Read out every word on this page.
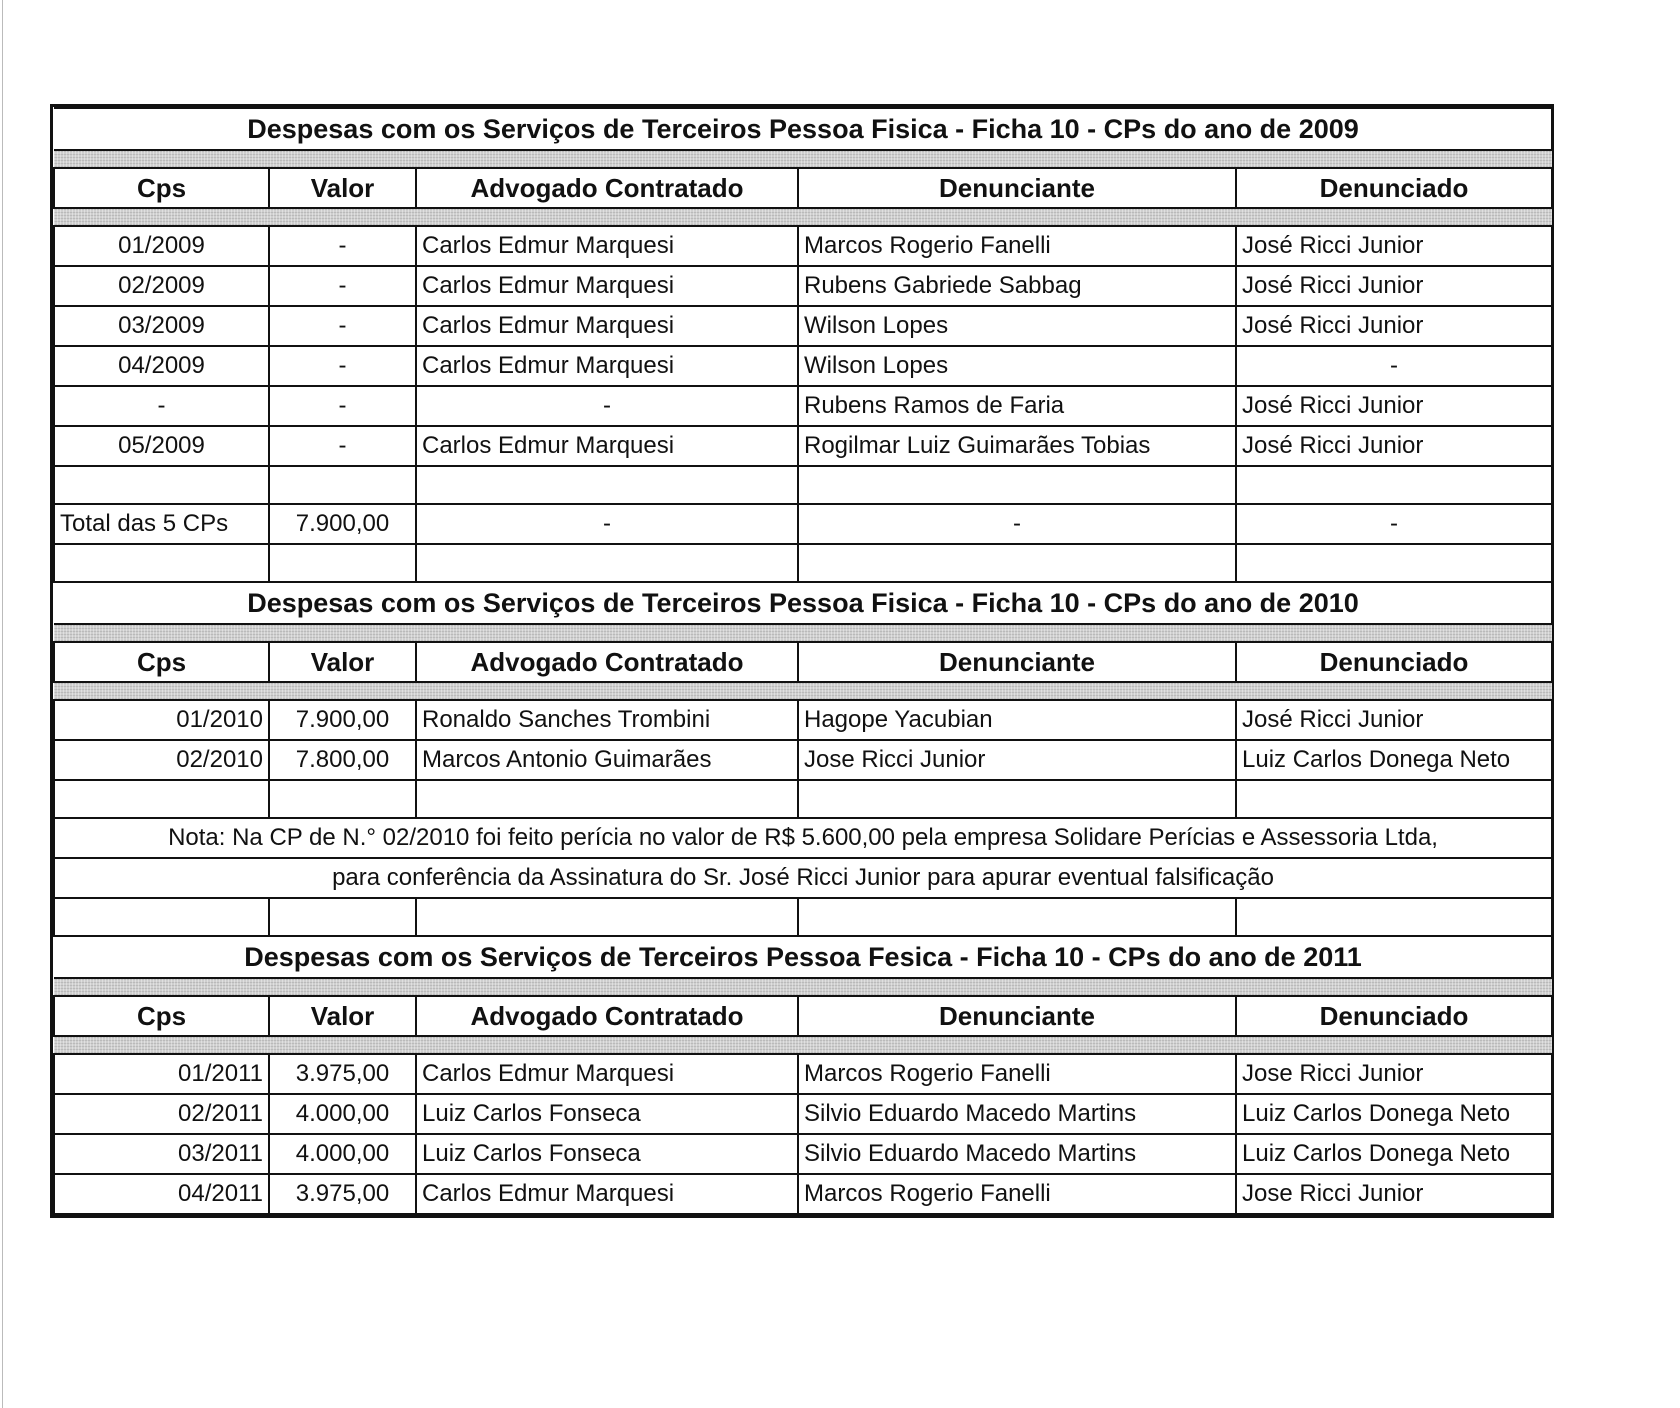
Despesas com os Serviços de Terceiros Pessoa Fisica - Ficha 10 - CPs do ano de 2009				

Cps	Valor	Advogado Contratado	Denunciante	Denunciado

01/2009	-	Carlos Edmur Marquesi	Marcos Rogerio Fanelli	José Ricci Junior
02/2009	-	Carlos Edmur Marquesi	Rubens Gabriede Sabbag	José Ricci Junior
03/2009	-	Carlos Edmur Marquesi	Wilson Lopes	José Ricci Junior
04/2009	-	Carlos Edmur Marquesi	Wilson Lopes	-
-	-	-	Rubens Ramos de Faria	José Ricci Junior
05/2009	-	Carlos Edmur Marquesi	Rogilmar Luiz Guimarães Tobias	José Ricci Junior

Total das 5 CPs	7.900,00	-	-	-

Despesas com os Serviços de Terceiros Pessoa Fisica - Ficha 10 - CPs do ano de 2010				

Cps	Valor	Advogado Contratado	Denunciante	Denunciado

01/2010	7.900,00	Ronaldo Sanches Trombini	Hagope Yacubian	José Ricci Junior
02/2010	7.800,00	Marcos Antonio Guimarães	Jose Ricci Junior	Luiz Carlos Donega Neto

Nota: Na CP de N.° 02/2010 foi feito perícia no valor de R$ 5.600,00 pela empresa Solidare Perícias e Assessoria Ltda,				
para conferência da Assinatura do Sr. José Ricci Junior para apurar eventual falsificação				

Despesas com os Serviços de Terceiros Pessoa Fesica - Ficha 10 - CPs do ano de 2011				

Cps	Valor	Advogado Contratado	Denunciante	Denunciado

01/2011	3.975,00	Carlos Edmur Marquesi	Marcos Rogerio Fanelli	Jose Ricci Junior
02/2011	4.000,00	Luiz Carlos Fonseca	Silvio Eduardo Macedo Martins	Luiz Carlos Donega Neto
03/2011	4.000,00	Luiz Carlos Fonseca	Silvio Eduardo Macedo Martins	Luiz Carlos Donega Neto
04/2011	3.975,00	Carlos Edmur Marquesi	Marcos Rogerio Fanelli	Jose Ricci Junior
